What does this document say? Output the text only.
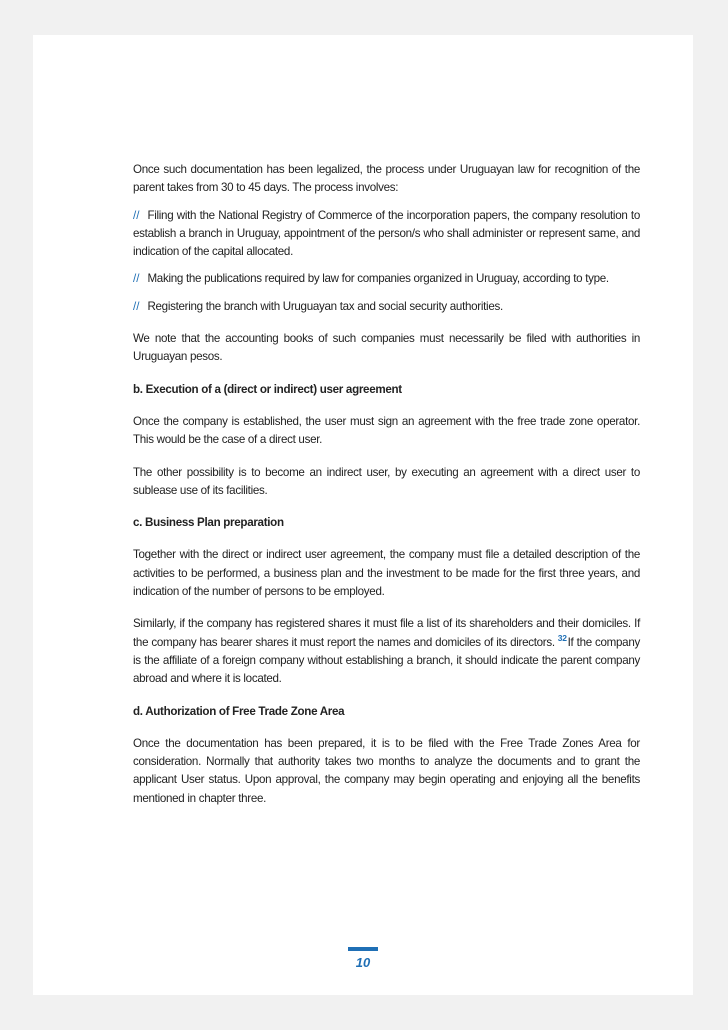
Once such documentation has been legalized, the process under Uruguayan law for recognition of the parent takes from 30 to 45 days. The process involves:

// Filing with the National Registry of Commerce of the incorporation papers, the company resolution to establish a branch in Uruguay, appointment of the person/s who shall administer or represent same, and indication of the capital allocated.

// Making the publications required by law for companies organized in Uruguay, according to type.

// Registering the branch with Uruguayan tax and social security authorities.

We note that the accounting books of such companies must necessarily be filed with authorities in Uruguayan pesos.

b. Execution of a (direct or indirect) user agreement

Once the company is established, the user must sign an agreement with the free trade zone operator. This would be the case of a direct user.

The other possibility is to become an indirect user, by executing an agreement with a direct user to sublease use of its facilities.

c. Business Plan preparation

Together with the direct or indirect user agreement, the company must file a detailed description of the activities to be performed, a business plan and the investment to be made for the first three years, and indication of the number of persons to be employed.

Similarly, if the company has registered shares it must file a list of its shareholders and their domiciles. If the company has bearer shares it must report the names and domiciles of its directors. $^{32}$If the company is the affiliate of a foreign company without establishing a branch, it should indicate the parent company abroad and where it is located.

d. Authorization of Free Trade Zone Area

Once the documentation has been prepared, it is to be filed with the Free Trade Zones Area for consideration. Normally that authority takes two months to analyze the documents and to grant the applicant User status. Upon approval, the company may begin operating and enjoying all the benefits mentioned in chapter three.

10
